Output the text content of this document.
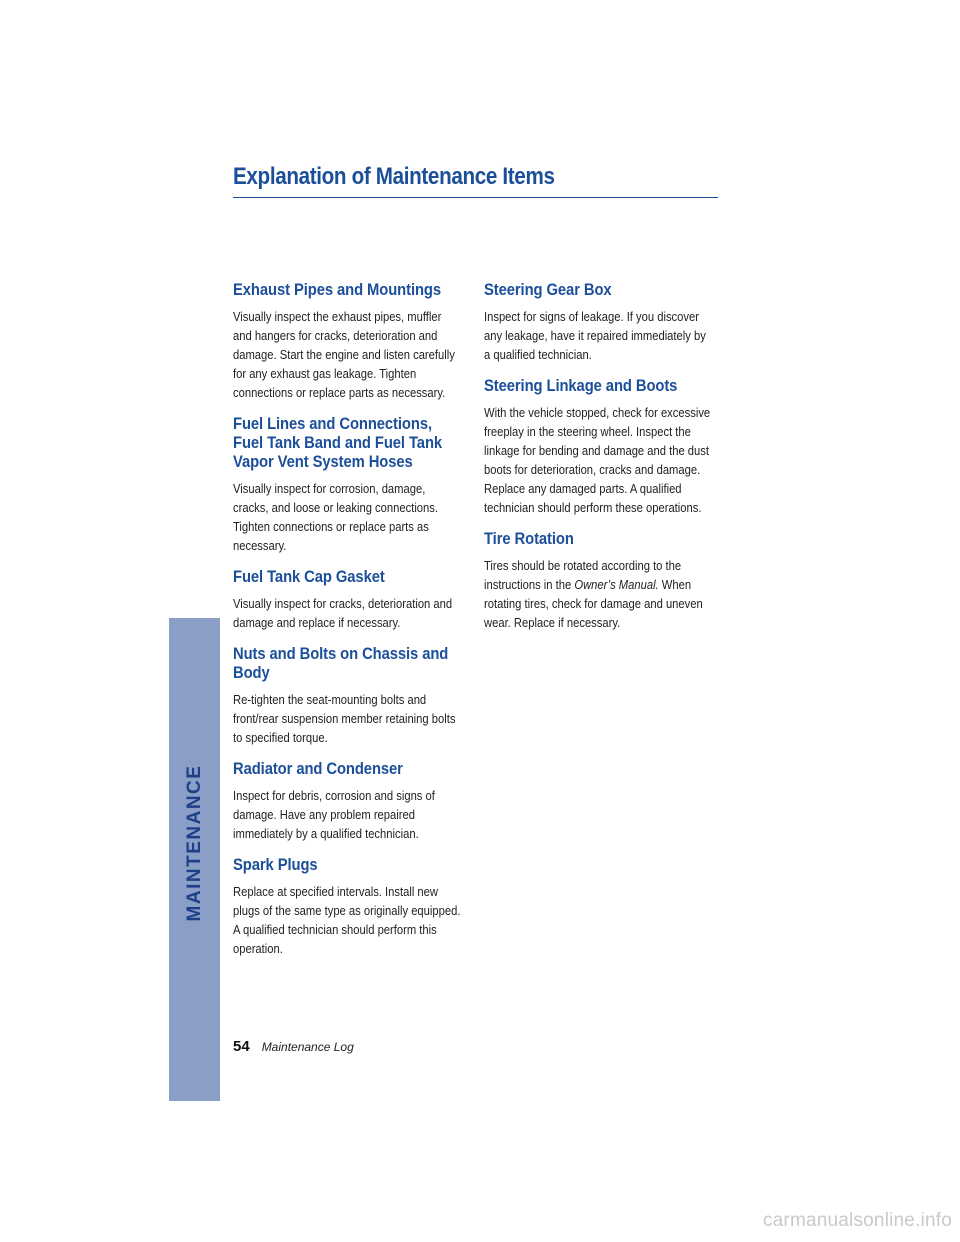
Explanation of Maintenance Items
Exhaust Pipes and Mountings

Visually inspect the exhaust pipes, muffler and hangers for cracks, deterioration and damage. Start the engine and listen carefully for any exhaust gas leakage. Tighten connections or replace parts as necessary.

Fuel Lines and Connections, Fuel Tank Band and Fuel Tank Vapor Vent System Hoses

Visually inspect for corrosion, damage, cracks, and loose or leaking connections. Tighten connections or replace parts as necessary.

Fuel Tank Cap Gasket

Visually inspect for cracks, deterioration and damage and replace if necessary.

Nuts and Bolts on Chassis and Body

Re-tighten the seat-mounting bolts and front/rear suspension member retaining bolts to specified torque.

Radiator and Condenser

Inspect for debris, corrosion and signs of damage. Have any problem repaired immediately by a qualified technician.

Spark Plugs

Replace at specified intervals. Install new plugs of the same type as originally equipped. A qualified technician should perform this operation.

Steering Gear Box

Inspect for signs of leakage. If you discover any leakage, have it repaired immediately by a qualified technician.

Steering Linkage and Boots

With the vehicle stopped, check for excessive freeplay in the steering wheel. Inspect the linkage for bending and damage and the dust boots for deterioration, cracks and damage. Replace any damaged parts. A qualified technician should perform these operations.

Tire Rotation

Tires should be rotated according to the instructions in the Owner’s Manual. When rotating tires, check for damage and uneven wear. Replace if necessary.

MAINTENANCE
54 Maintenance Log
carmanualsonline.info
